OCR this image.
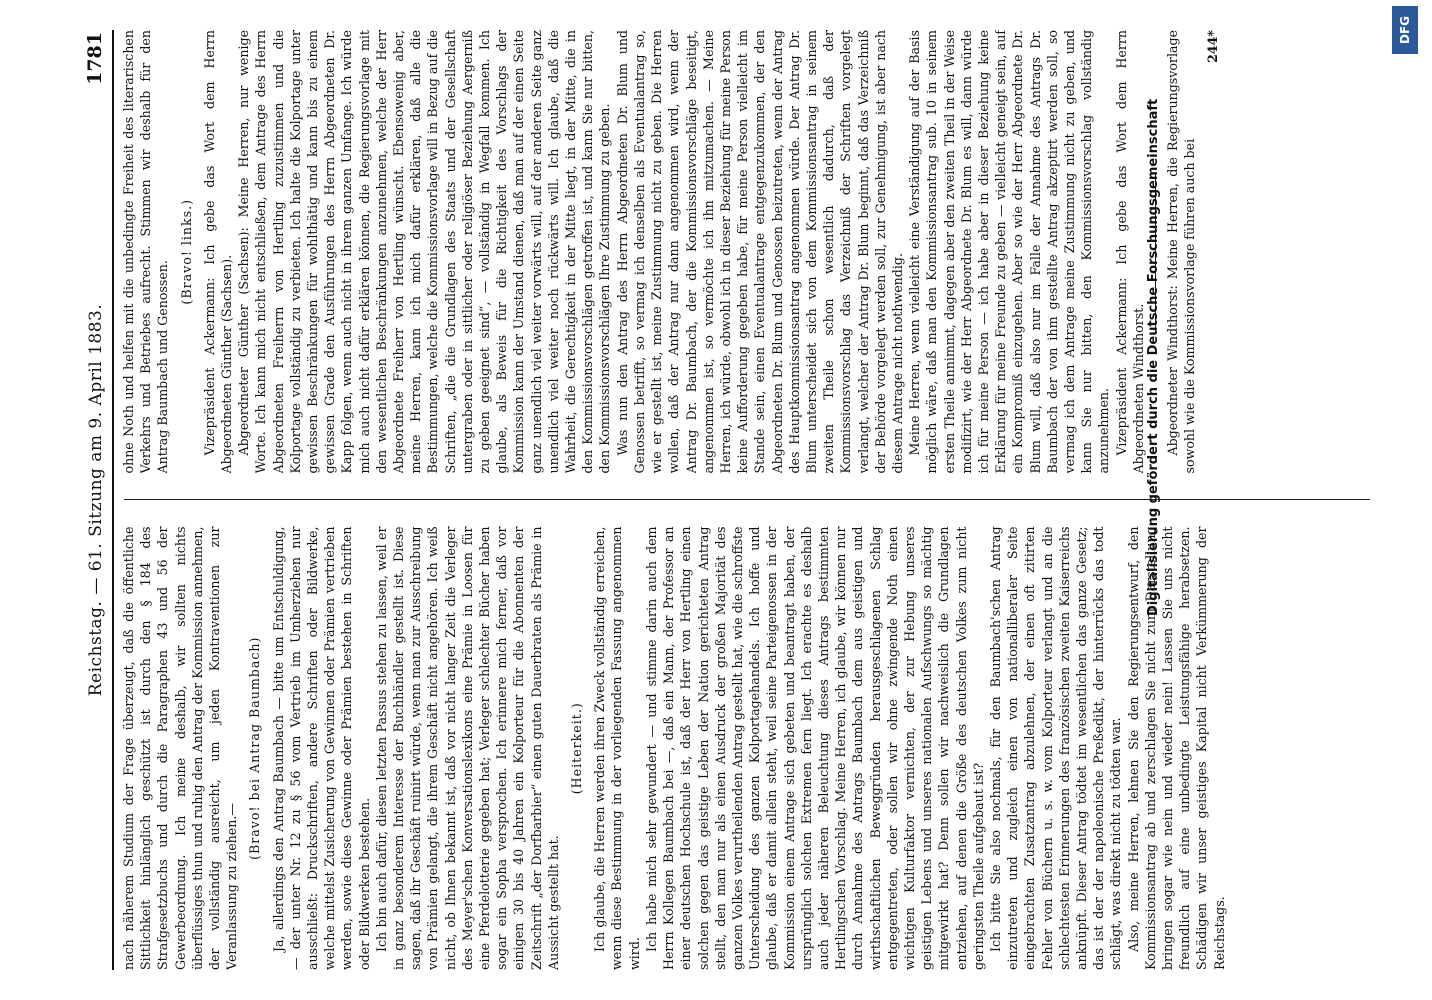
Reichstag. — 61. Sitzung am 9. April 1883.
1781

nach näherem Studium der Frage überzeugt, daß die öffentliche Sittlichkeit hinlänglich geschützt ist durch den § 184 des Strafgesetzbuchs und durch die Paragraphen 43 und 56 der Gewerbeordnung. Ich meine deshalb, wir sollten nichts überflüssiges thun und ruhig den Antrag der Kommission annehmen, der vollständig ausreicht, um jeden Kontraventionen zur Veranlassung zu ziehen.—

(Bravo! bei Antrag Baumbach) Ja, allerdings den Antrag Baumbach — bitte um Entschuldigung, — der unter Nr. 12 zu § 56 vom Vertrieb im Umherziehen nur ausschließt: Druckschriften, andere Schriften oder Bildwerke, welche mittelst Zusicherung von Gewinnen oder Prämien vertrieben werden, sowie diese Gewinne oder Prämien bestehen in Schriften oder Bildwerken bestehen. Ich bin auch dafür, diesen letzten Passus stehen zu lassen, weil er in ganz besonderem Interesse der Buchhändler gestellt ist. Diese sagen, daß ihr Geschäft ruinirt würde, wenn man zur Ausschreibung von Prämien gelangt, die ihrem Geschäft nicht angehören. Ich weiß nicht, ob Ihnen bekannt ist, daß vor nicht langer Zeit die Verleger des Meyer'schen Konversationslexikons eine Prämie in Loosen für eine Pferdelotterie gegeben hat; Verleger schlechter Bücher haben sogar ein Sopha versprochen. Ich erinnere mich ferner, daß vor einigen 30 bis 40 Jahren ein Kolporteur für die Abonnenten der Zeitschrift „der Dorfbarbier“ einen guten Dauerbraten als Prämie in Aussicht gestellt hat.

(Heiterkeit.) Ich glaube, die Herren werden ihren Zweck vollständig erreichen, wenn diese Bestimmung in der vorliegenden Fassung angenommen wird.

Ich habe mich sehr gewundert — und stimme darin auch dem Herrn Kollegen Baumbach bei —, daß ein Mann, der Professor an einer deutschen Hochschule ist, daß der Herr von Hertling einen solchen gegen das geistige Leben der Nation gerichteten Antrag stellt, den man nur als einen Ausdruck der großen Majorität des ganzen Volkes verurtheilenden Antrag gestellt hat, wie die schroffste Unterscheidung des ganzen Kolportagehandels. Ich hoffe und glaube, daß er damit allein steht, weil seine Parteigenossen in der Kommission einem Antrage sich gebeten und beantragt haben, der ursprünglich solchen Extremen fern liegt. Ich erachte es deshalb auch jeder näheren Beleuchtung dieses Antrags bestimmten Hertlingschen Vorschlag. Meine Herren, ich glaube, wir können nur durch Annahme des Antrags Baumbach dem aus geistigen und wirthschaftlichen Beweggründen herausgeschlagenen Schlag entgegentreten, oder sollen wir ohne zwingende Noth einen wichtigen Kulturfaktor vernichten, der zur Hebung unseres geistigen Lebens und unseres nationalen Aufschwungs so mächtig mitgewirkt hat? Denn sollen wir nachweislich die Grundlagen entziehen, auf denen die Größe des deutschen Volkes zum nicht geringsten Theile aufgebaut ist? Ich bitte Sie also nochmals, für den Baumbach'schen Antrag einzutreten und zugleich einen von nationalliberaler Seite eingebrachten Zusatzantrag abzulehnen, der einen oft zitirten Fehler von Büchern u. s. w. vom Kolporteur verlangt und an die schlechtesten Erinnerungen des französischen zweiten Kaiserreichs anknüpft. Dieser Antrag tödtet im wesentlichen das ganze Gesetz; das ist der der napoleonische Preßedikt, der hinterrücks das todt schlägt, was direkt nicht zu tödten war. Also, meine Herren, lehnen Sie den Regierungsentwurf, den Kommissionsantrag ab und zerschlagen Sie nicht zum Darstellung bringen sogar wie nein und wieder nein! Lassen Sie uns nicht freundlich auf eine unbedingte Leistungsfähige herabsetzen. Schädigen wir unser geistiges Kapital nicht Verkümmerung der Reichstags.

ohne Noth und helfen mit die unbedingte Freiheit des literarischen Verkehrs und Betriebes aufrecht. Stimmen wir deshalb für den Antrag Baumbach und Genossen.

(Bravo! links.) Vizepräsident Ackermann: Ich gebe das Wort dem Herrn Abgeordneten Günther (Sachsen). Abgeordneter Günther (Sachsen): Meine Herren, nur wenige Worte. Ich kann mich nicht entschließen, dem Antrage des Herrn Abgeordneten Freiherrn von Hertling zuzustimmen und die Kolportage vollständig zu verbieten. Ich halte die Kolportage unter gewissen Beschränkungen für wohlthätig und kann bis zu einem gewissen Grade den Ausführungen des Herrn Abgeordneten Dr. Kapp folgen, wenn auch nicht in ihrem ganzen Umfange. Ich würde mich auch nicht dafür erklären können, die Regierungsvorlage mit den wesentlichen Beschränkungen anzunehmen, welche der Herr Abgeordnete Freiherr von Hertling wünscht. Ebensowenig aber, meine Herren, kann ich mich dafür erklären, daß alle die Bestimmungen, welche die Kommissionsvorlage will in Bezug auf die Schriften, „die die Grundlagen des Staats und der Gesellschaft untergraben oder in sittlicher oder religiöser Beziehung Aergerniß zu geben geeignet sind“, — vollständig in Wegfall kommen. Ich glaube, als Beweis für die Richtigkeit des Vorschlags der Kommission kann der Umstand dienen, daß man auf der einen Seite ganz unendlich viel weiter vorwärts will, auf der anderen Seite ganz unendlich viel weiter noch rückwärts will. Ich glaube, daß die Wahrheit, die Gerechtigkeit in der Mitte liegt, in der Mitte, die in den Kommissionsvorschlägen getroffen ist, und kann Sie nur bitten, den Kommissionsvorschlägen Ihre Zustimmung zu geben. Was nun den Antrag des Herrn Abgeordneten Dr. Blum und Genossen betrifft, so vermag ich denselben als Eventualantrag so, wie er gestellt ist, meine Zustimmung nicht zu geben. Die Herren wollen, daß der Antrag nur dann angenommen wird, wenn der Antrag Dr. Baumbach, der die Kommissionsvorschläge beseitigt, angenommen ist, so vermöchte ich ihn mitzumachen. — Meine Herren, ich würde, obwohl ich in dieser Beziehung für meine Person keine Aufforderung gegeben habe, für meine Person vielleicht im Stande sein, einen Eventualantrage entgegenzukommen, der den Abgeordneten Dr. Blum und Genossen beizutreten, wenn der Antrag des Hauptkommissionsantrag angenommen würde. Der Antrag Dr. Blum unterscheidet sich von dem Kommissionsantrag in seinem zweiten Theile schon wesentlich dadurch, daß der Kommissionsvorschlag das Verzeichniß der Schriften vorgelegt verlangt, welcher der Antrag Dr. Blum beginnt, daß das Verzeichniß der Behörde vorgelegt werden soll, zur Genehmigung, ist aber nach diesem Antrage nicht nothwendig. Meine Herren, wenn vielleicht eine Verständigung auf der Basis möglich wäre, daß man den Kommissionsantrag sub. 10 in seinem ersten Theile annimmt, dagegen aber den zweiten Theil in der Weise modifizirt, wie der Herr Abgeordnete Dr. Blum es will, dann würde ich für meine Person — ich habe aber in dieser Beziehung keine Erklärung für meine Freunde zu geben — vielleicht geneigt sein, auf ein Kompromiß einzugehen. Aber so wie der Herr Abgeordnete Dr. Blum will, daß also nur im Falle der Annahme des Antrags Dr. Baumbach der von ihm gestellte Antrag akzeptirt werden soll, so vermag ich dem Antrage meine Zustimmung nicht zu geben, und kann Sie nur bitten, den Kommissionsvorschlag vollständig anzunehmen. Vizepräsident Ackermann: Ich gebe das Wort dem Herrn Abgeordneten Windthorst. Abgeordneter Windthorst: Meine Herren, die Regierungsvorlage sowohl wie die Kommissionsvorlage führen auch bei

244*	DFG
Digitalisierung gefördert durch die Deutsche Forschungsgemeinschaft
